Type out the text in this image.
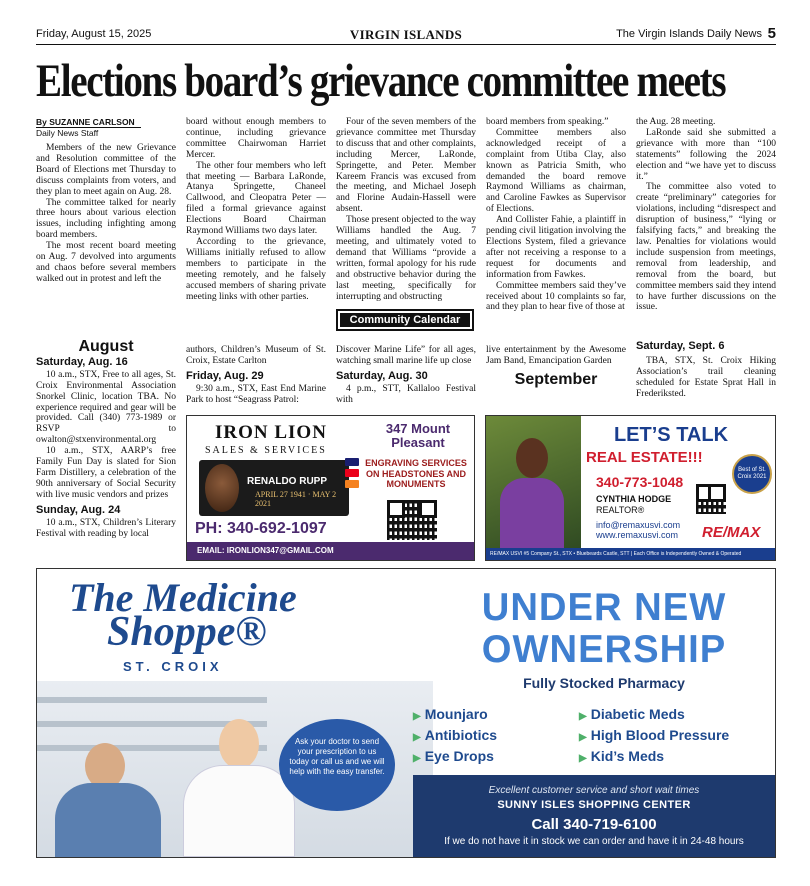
Friday, August 15, 2025	VIRGIN ISLANDS	The Virgin Islands Daily News 5
Elections board’s grievance committee meets
By SUZANNE CARLSON
Daily News Staff

Members of the new Grievance and Resolution committee of the Board of Elections met Thursday to discuss complaints from voters, and they plan to meet again on Aug. 28.

The committee talked for nearly three hours about various election issues, including infighting among board members.

The most recent board meeting on Aug. 7 devolved into arguments and chaos before several members walked out in protest and left the

board without enough members to continue, including grievance committee Chairwoman Harriet Mercer.

The other four members who left that meeting — Barbara LaRonde, Atanya Springette, Chaneel Callwood, and Cleopatra Peter — filed a formal grievance against Elections Board Chairman Raymond Williams two days later.

According to the grievance, Williams initially refused to allow members to participate in the meeting remotely, and he falsely accused members of sharing private meeting links with other parties.

Four of the seven members of the grievance committee met Thursday to discuss that and other complaints, including Mercer, LaRonde, Springette, and Peter. Member Kareem Francis was excused from the meeting, and Michael Joseph and Florine Audain-Hassell were absent.

Those present objected to the way Williams handled the Aug. 7 meeting, and ultimately voted to demand that Williams “provide a written, formal apology for his rude and obstructive behavior during the last meeting, specifically for interrupting and obstructing

board members from speaking.”

Committee members also acknowledged receipt of a complaint from Utiba Clay, also known as Patricia Smith, who demanded the board remove Raymond Williams as chairman, and Caroline Fawkes as Supervisor of Elections.

And Collister Fahie, a plaintiff in pending civil litigation involving the Elections System, filed a grievance after not receiving a response to a request for documents and information from Fawkes.

Committee members said they’ve received about 10 complaints so far, and they plan to hear five of those at

the Aug. 28 meeting.

LaRonde said she submitted a grievance with more than “100 statements” following the 2024 election and “we have yet to discuss it.”

The committee also voted to create “preliminary” categories for violations, including “disrespect and disruption of business,” “lying or falsifying facts,” and breaking the law. Penalties for violations would include suspension from meetings, removal from leadership, and removal from the board, but committee members said they intend to have further discussions on the issue.

Community Calendar
August
Saturday, Aug. 16

10 a.m., STX, Free to all ages, St. Croix Environmental Association Snorkel Clinic, location TBA. No experience required and gear will be provided. Call (340) 773-1989 or RSVP to owalton@stxenvironmental.org

10 a.m., STX, AARP’s free Family Fun Day is slated for Sion Farm Distillery, a celebration of the 90th anniversary of Social Security with live music vendors and prizes

Sunday, Aug. 24

10 a.m., STX, Children’s Literary Festival with reading by local

authors, Children’s Museum of St. Croix, Estate Carlton

Friday, Aug. 29

9:30 a.m., STX, East End Marine Park to host “Seagrass Patrol:

Discover Marine Life” for all ages, watching small marine life up close

Saturday, Aug. 30

4 p.m., STT, Kallaloo Festival with

live entertainment by the Awesome Jam Band, Emancipation Garden

September
Saturday, Sept. 6

TBA, STX, St. Croix Hiking Association’s trail cleaning scheduled for Estate Sprat Hall in Frederiksted.

IRON LION
SALES & SERVICES
RENALDO RUPP
APRIL 27 1941 · MAY 2 2021
347 Mount Pleasant
ENGRAVING SERVICES ON HEADSTONES AND MONUMENTS
PH: 340-692-1097
EMAIL: IRONLION347@GMAIL.COM
LET’S TALK
REAL ESTATE!!!
340-773-1048
CYNTHIA HODGE
REALTOR®
info@remaxusvi.com
www.remaxusvi.com
Best of St. Croix 2021
RE/MAX
RE/MAX USVI #5 Company St., STX • Bluebeards Castle, STT | Each Office is Independently Owned & Operated
The Medicine
Shoppe®
ST. CROIX
Ask your doctor to send your prescription to us today or call us and we will help with the easy transfer.
UNDER NEW
OWNERSHIP
Fully Stocked Pharmacy
▶ Mounjaro
▶ Antibiotics
▶ Eye Drops
▶ Diabetic Meds
▶ High Blood Pressure
▶ Kid’s Meds
Excellent customer service and short wait times
SUNNY ISLES SHOPPING CENTER
Call 340-719-6100
If we do not have it in stock we can order and have it in 24-48 hours
